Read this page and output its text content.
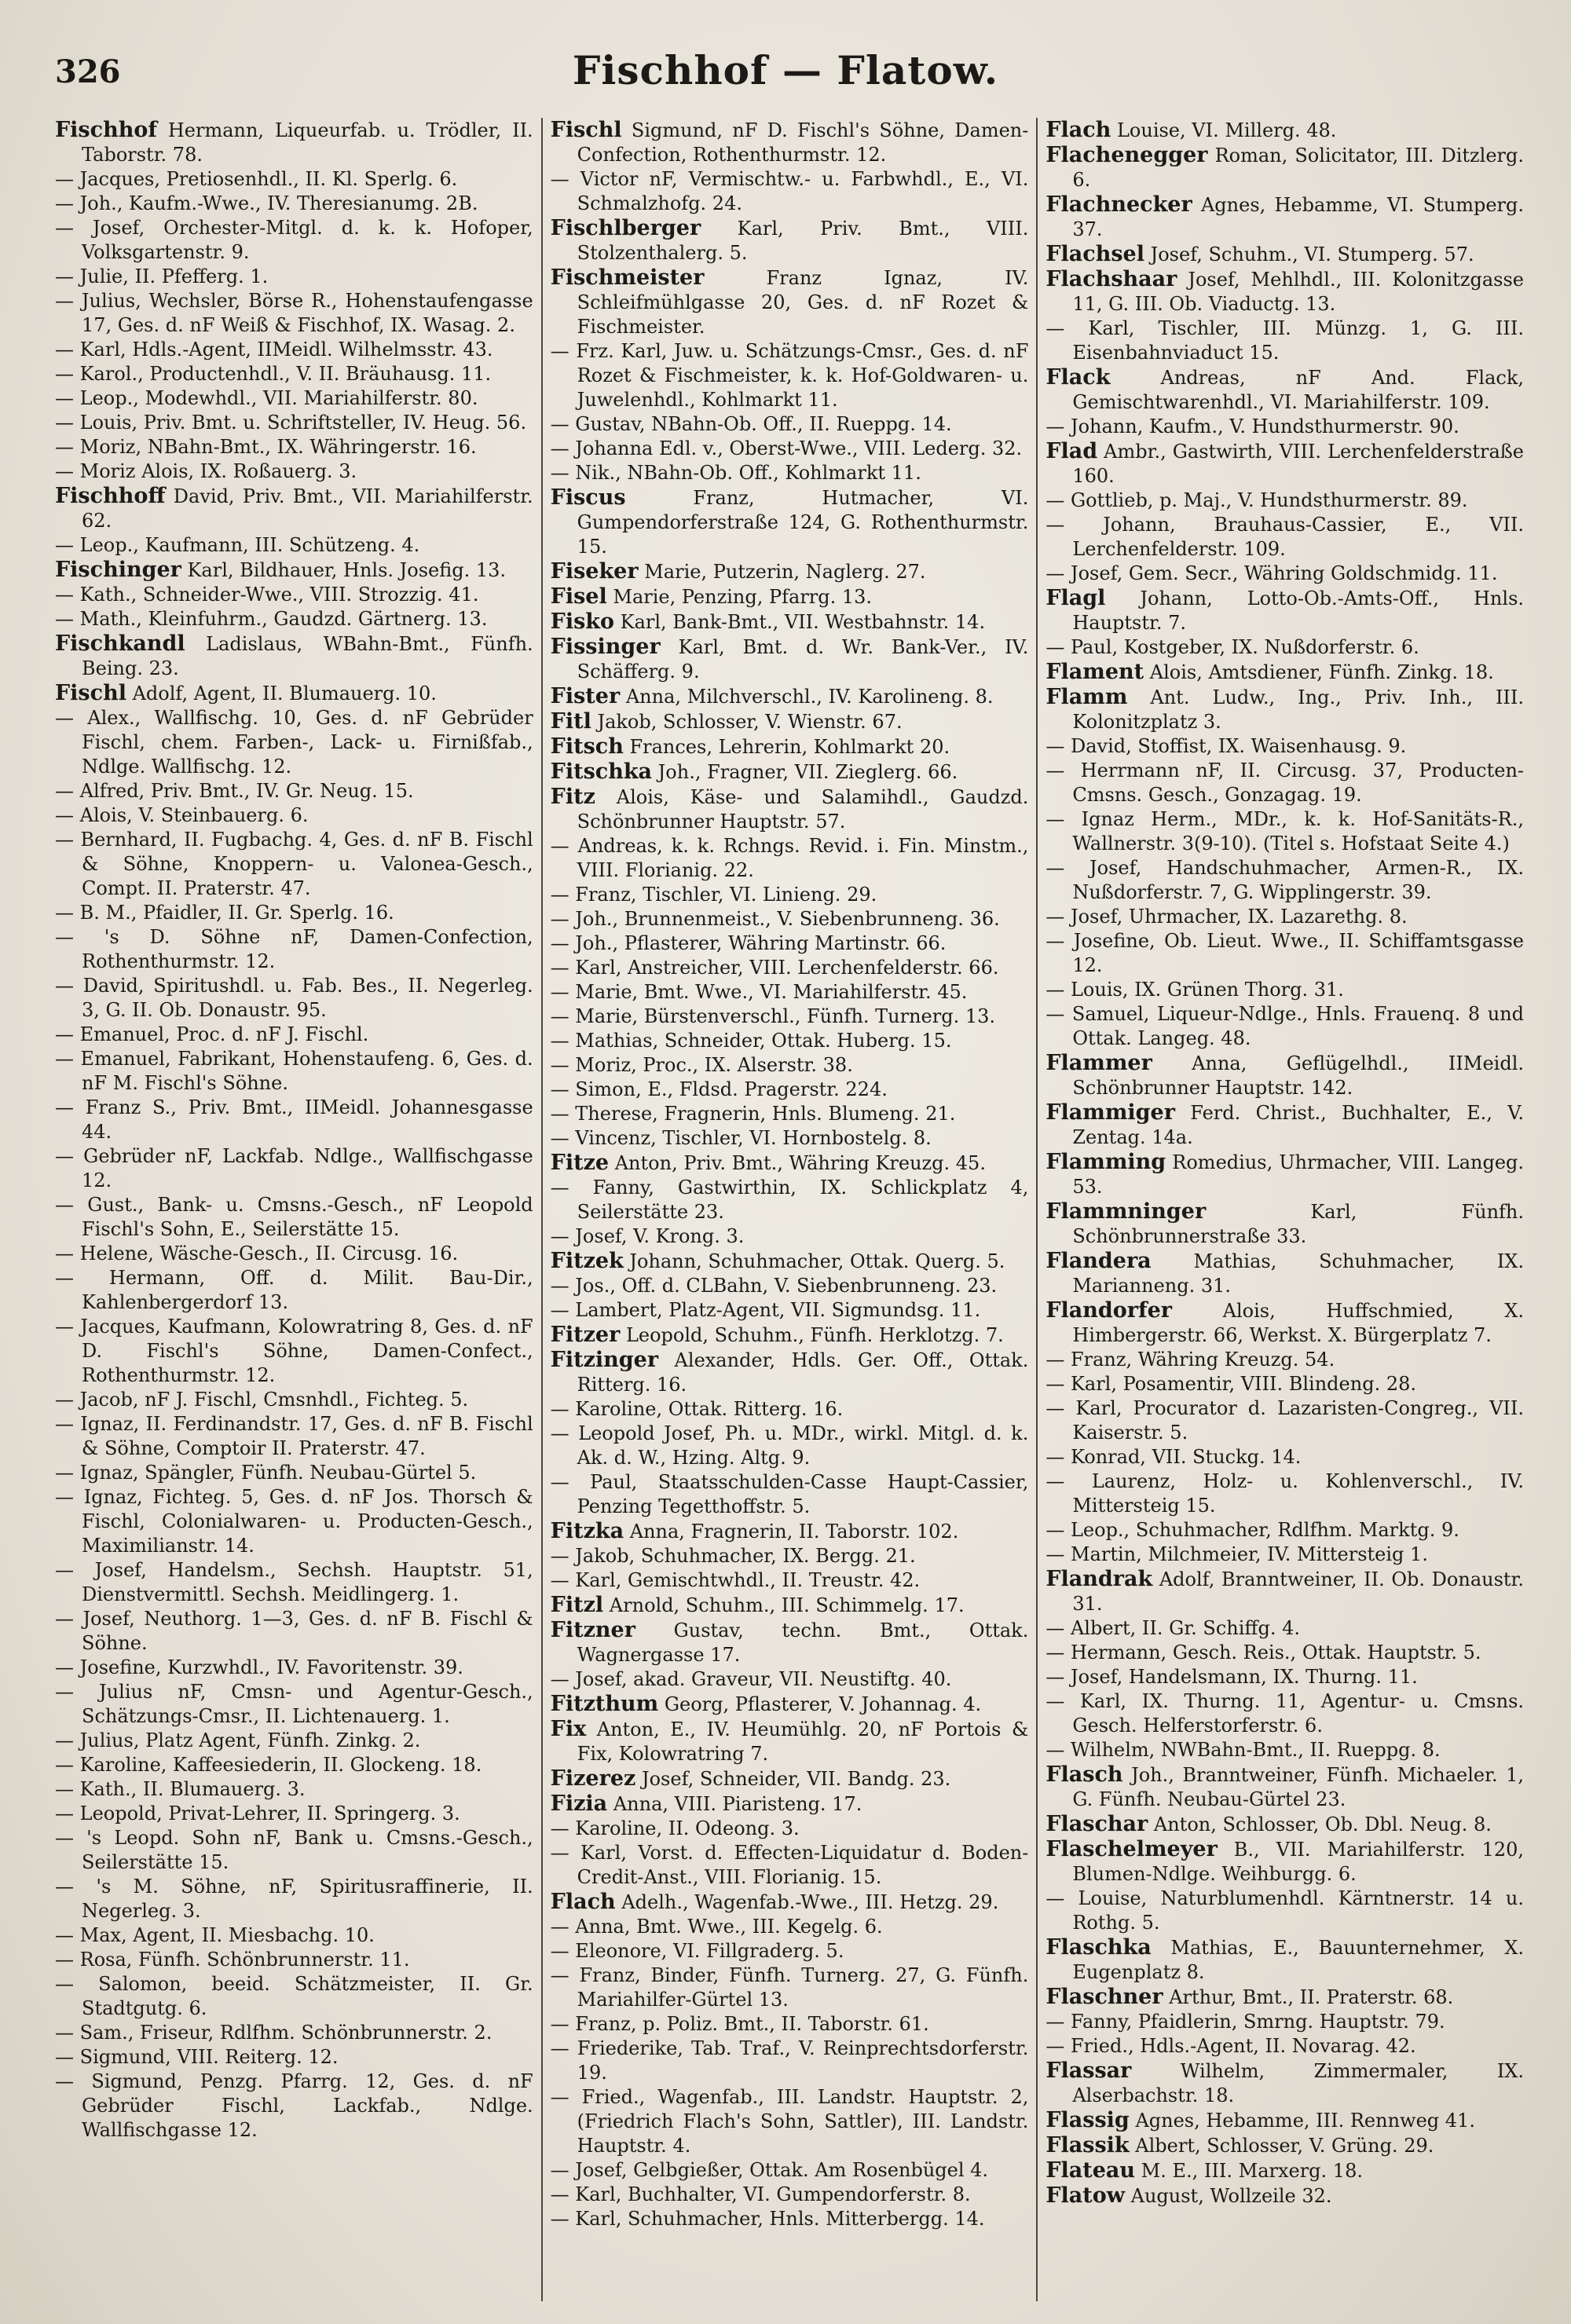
326	Fischhof — Flatow.
Fischhof Hermann, Liqueurfab. u. Trödler, II. Taborstr. 78.
— Jacques, Pretiosenhdl., II. Kl. Sperlg. 6.
— Joh., Kaufm.-Wwe., IV. Theresianumg. 2B.
— Josef, Orchester-Mitgl. d. k. k. Hofoper, Volksgartenstr. 9.
— Julie, II. Pfefferg. 1.
— Julius, Wechsler, Börse R., Hohenstaufengasse 17, Ges. d. nF Weiß & Fischhof, IX. Wasag. 2.
— Karl, Hdls.-Agent, IIMeidl. Wilhelmsstr. 43.
— Karol., Productenhdl., V. II. Bräuhausg. 11.
— Leop., Modewhdl., VII. Mariahilferstr. 80.
— Louis, Priv. Bmt. u. Schriftsteller, IV. Heug. 56.
— Moriz, NBahn-Bmt., IX. Währingerstr. 16.
— Moriz Alois, IX. Roßauerg. 3.
Fischhoff David, Priv. Bmt., VII. Mariahilferstr. 62.
— Leop., Kaufmann, III. Schützeng. 4.
Fischinger Karl, Bildhauer, Hnls. Josefig. 13.
— Kath., Schneider-Wwe., VIII. Strozzig. 41.
— Math., Kleinfuhrm., Gaudzd. Gärtnerg. 13.
Fischkandl Ladislaus, WBahn-Bmt., Fünfh. Being. 23.
Fischl Adolf, Agent, II. Blumauerg. 10.
— Alex., Wallfischg. 10, Ges. d. nF Gebrüder Fischl, chem. Farben-, Lack- u. Firnißfab., Ndlge. Wallfischg. 12.
— Alfred, Priv. Bmt., IV. Gr. Neug. 15.
— Alois, V. Steinbauerg. 6.
— Bernhard, II. Fugbachg. 4, Ges. d. nF B. Fischl & Söhne, Knoppern- u. Valonea-Gesch., Compt. II. Praterstr. 47.
— B. M., Pfaidler, II. Gr. Sperlg. 16.
— 's D. Söhne nF, Damen-Confection, Rothenthurmstr. 12.
— David, Spiritushdl. u. Fab. Bes., II. Negerleg. 3, G. II. Ob. Donaustr. 95.
— Emanuel, Proc. d. nF J. Fischl.
— Emanuel, Fabrikant, Hohenstaufeng. 6, Ges. d. nF M. Fischl's Söhne.
— Franz S., Priv. Bmt., IIMeidl. Johannesgasse 44.
— Gebrüder nF, Lackfab. Ndlge., Wallfischgasse 12.
— Gust., Bank- u. Cmsns.-Gesch., nF Leopold Fischl's Sohn, E., Seilerstätte 15.
— Helene, Wäsche-Gesch., II. Circusg. 16.
— Hermann, Off. d. Milit. Bau-Dir., Kahlenbergerdorf 13.
— Jacques, Kaufmann, Kolowratring 8, Ges. d. nF D. Fischl's Söhne, Damen-Confect., Rothenthurmstr. 12.
— Jacob, nF J. Fischl, Cmsnhdl., Fichteg. 5.
— Ignaz, II. Ferdinandstr. 17, Ges. d. nF B. Fischl & Söhne, Comptoir II. Praterstr. 47.
— Ignaz, Spängler, Fünfh. Neubau-Gürtel 5.
— Ignaz, Fichteg. 5, Ges. d. nF Jos. Thorsch & Fischl, Colonialwaren- u. Producten-Gesch., Maximilianstr. 14.
— Josef, Handelsm., Sechsh. Hauptstr. 51, Dienstvermittl. Sechsh. Meidlingerg. 1.
— Josef, Neuthorg. 1—3, Ges. d. nF B. Fischl & Söhne.
— Josefine, Kurzwhdl., IV. Favoritenstr. 39.
— Julius nF, Cmsn- und Agentur-Gesch., Schätzungs-Cmsr., II. Lichtenauerg. 1.
— Julius, Platz Agent, Fünfh. Zinkg. 2.
— Karoline, Kaffeesiederin, II. Glockeng. 18.
— Kath., II. Blumauerg. 3.
— Leopold, Privat-Lehrer, II. Springerg. 3.
— 's Leopd. Sohn nF, Bank u. Cmsns.-Gesch., Seilerstätte 15.
— 's M. Söhne, nF, Spiritusraffinerie, II. Negerleg. 3.
— Max, Agent, II. Miesbachg. 10.
— Rosa, Fünfh. Schönbrunnerstr. 11.
— Salomon, beeid. Schätzmeister, II. Gr. Stadtgutg. 6.
— Sam., Friseur, Rdlfhm. Schönbrunnerstr. 2.
— Sigmund, VIII. Reiterg. 12.
— Sigmund, Penzg. Pfarrg. 12, Ges. d. nF Gebrüder Fischl, Lackfab., Ndlge. Wallfischgasse 12.
Fischl Sigmund, nF D. Fischl's Söhne, Damen-Confection, Rothenthurmstr. 12.
— Victor nF, Vermischtw.- u. Farbwhdl., E., VI. Schmalzhofg. 24.
Fischlberger Karl, Priv. Bmt., VIII. Stolzenthalerg. 5.
Fischmeister Franz Ignaz, IV. Schleifmühlgasse 20, Ges. d. nF Rozet & Fischmeister.
— Frz. Karl, Juw. u. Schätzungs-Cmsr., Ges. d. nF Rozet & Fischmeister, k. k. Hof-Goldwaren- u. Juwelenhdl., Kohlmarkt 11.
— Gustav, NBahn-Ob. Off., II. Rueppg. 14.
— Johanna Edl. v., Oberst-Wwe., VIII. Lederg. 32.
— Nik., NBahn-Ob. Off., Kohlmarkt 11.
Fiscus Franz, Hutmacher, VI. Gumpendorferstraße 124, G. Rothenthurmstr. 15.
Fiseker Marie, Putzerin, Naglerg. 27.
Fisel Marie, Penzing, Pfarrg. 13.
Fisko Karl, Bank-Bmt., VII. Westbahnstr. 14.
Fissinger Karl, Bmt. d. Wr. Bank-Ver., IV. Schäfferg. 9.
Fister Anna, Milchverschl., IV. Karolineng. 8.
Fitl Jakob, Schlosser, V. Wienstr. 67.
Fitsch Frances, Lehrerin, Kohlmarkt 20.
Fitschka Joh., Fragner, VII. Zieglerg. 66.
Fitz Alois, Käse- und Salamihdl., Gaudzd. Schönbrunner Hauptstr. 57.
— Andreas, k. k. Rchngs. Revid. i. Fin. Minstm., VIII. Florianig. 22.
— Franz, Tischler, VI. Linieng. 29.
— Joh., Brunnenmeist., V. Siebenbrunneng. 36.
— Joh., Pflasterer, Währing Martinstr. 66.
— Karl, Anstreicher, VIII. Lerchenfelderstr. 66.
— Marie, Bmt. Wwe., VI. Mariahilferstr. 45.
— Marie, Bürstenverschl., Fünfh. Turnerg. 13.
— Mathias, Schneider, Ottak. Huberg. 15.
— Moriz, Proc., IX. Alserstr. 38.
— Simon, E., Fldsd. Pragerstr. 224.
— Therese, Fragnerin, Hnls. Blumeng. 21.
— Vincenz, Tischler, VI. Hornbostelg. 8.
Fitze Anton, Priv. Bmt., Währing Kreuzg. 45.
— Fanny, Gastwirthin, IX. Schlickplatz 4, Seilerstätte 23.
— Josef, V. Krong. 3.
Fitzek Johann, Schuhmacher, Ottak. Querg. 5.
— Jos., Off. d. CLBahn, V. Siebenbrunneng. 23.
— Lambert, Platz-Agent, VII. Sigmundsg. 11.
Fitzer Leopold, Schuhm., Fünfh. Herklotzg. 7.
Fitzinger Alexander, Hdls. Ger. Off., Ottak. Ritterg. 16.
— Karoline, Ottak. Ritterg. 16.
— Leopold Josef, Ph. u. MDr., wirkl. Mitgl. d. k. Ak. d. W., Hzing. Altg. 9.
— Paul, Staatsschulden-Casse Haupt-Cassier, Penzing Tegetthoffstr. 5.
Fitzka Anna, Fragnerin, II. Taborstr. 102.
— Jakob, Schuhmacher, IX. Bergg. 21.
— Karl, Gemischtwhdl., II. Treustr. 42.
Fitzl Arnold, Schuhm., III. Schimmelg. 17.
Fitzner Gustav, techn. Bmt., Ottak. Wagnergasse 17.
— Josef, akad. Graveur, VII. Neustiftg. 40.
Fitzthum Georg, Pflasterer, V. Johannag. 4.
Fix Anton, E., IV. Heumühlg. 20, nF Portois & Fix, Kolowratring 7.
Fizerez Josef, Schneider, VII. Bandg. 23.
Fizia Anna, VIII. Piaristeng. 17.
— Karoline, II. Odeong. 3.
— Karl, Vorst. d. Effecten-Liquidatur d. Boden-Credit-Anst., VIII. Florianig. 15.
Flach Adelh., Wagenfab.-Wwe., III. Hetzg. 29.
— Anna, Bmt. Wwe., III. Kegelg. 6.
— Eleonore, VI. Fillgraderg. 5.
— Franz, Binder, Fünfh. Turnerg. 27, G. Fünfh. Mariahilfer-Gürtel 13.
— Franz, p. Poliz. Bmt., II. Taborstr. 61.
— Friederike, Tab. Traf., V. Reinprechtsdorferstr. 19.
— Fried., Wagenfab., III. Landstr. Hauptstr. 2, (Friedrich Flach's Sohn, Sattler), III. Landstr. Hauptstr. 4.
— Josef, Gelbgießer, Ottak. Am Rosenbügel 4.
— Karl, Buchhalter, VI. Gumpendorferstr. 8.
— Karl, Schuhmacher, Hnls. Mitterbergg. 14.
Flach Louise, VI. Millerg. 48.
Flachenegger Roman, Solicitator, III. Ditzlerg. 6.
Flachnecker Agnes, Hebamme, VI. Stumperg. 37.
Flachsel Josef, Schuhm., VI. Stumperg. 57.
Flachshaar Josef, Mehlhdl., III. Kolonitzgasse 11, G. III. Ob. Viaductg. 13.
— Karl, Tischler, III. Münzg. 1, G. III. Eisenbahnviaduct 15.
Flack Andreas, nF And. Flack, Gemischtwarenhdl., VI. Mariahilferstr. 109.
— Johann, Kaufm., V. Hundsthurmerstr. 90.
Flad Ambr., Gastwirth, VIII. Lerchenfelderstraße 160.
— Gottlieb, p. Maj., V. Hundsthurmerstr. 89.
— Johann, Brauhaus-Cassier, E., VII. Lerchenfelderstr. 109.
— Josef, Gem. Secr., Währing Goldschmidg. 11.
Flagl Johann, Lotto-Ob.-Amts-Off., Hnls. Hauptstr. 7.
— Paul, Kostgeber, IX. Nußdorferstr. 6.
Flament Alois, Amtsdiener, Fünfh. Zinkg. 18.
Flamm Ant. Ludw., Ing., Priv. Inh., III. Kolonitzplatz 3.
— David, Stoffist, IX. Waisenhausg. 9.
— Herrmann nF, II. Circusg. 37, Producten-Cmsns. Gesch., Gonzagag. 19.
— Ignaz Herm., MDr., k. k. Hof-Sanitäts-R., Wallnerstr. 3(9-10). (Titel s. Hofstaat Seite 4.)
— Josef, Handschuhmacher, Armen-R., IX. Nußdorferstr. 7, G. Wipplingerstr. 39.
— Josef, Uhrmacher, IX. Lazarethg. 8.
— Josefine, Ob. Lieut. Wwe., II. Schiffamtsgasse 12.
— Louis, IX. Grünen Thorg. 31.
— Samuel, Liqueur-Ndlge., Hnls. Frauenq. 8 und Ottak. Langeg. 48.
Flammer Anna, Geflügelhdl., IIMeidl. Schönbrunner Hauptstr. 142.
Flammiger Ferd. Christ., Buchhalter, E., V. Zentag. 14a.
Flamming Romedius, Uhrmacher, VIII. Langeg. 53.
Flammninger Karl, Fünfh. Schönbrunnerstraße 33.
Flandera Mathias, Schuhmacher, IX. Marianneng. 31.
Flandorfer Alois, Huffschmied, X. Himbergerstr. 66, Werkst. X. Bürgerplatz 7.
— Franz, Währing Kreuzg. 54.
— Karl, Posamentir, VIII. Blindeng. 28.
— Karl, Procurator d. Lazaristen-Congreg., VII. Kaiserstr. 5.
— Konrad, VII. Stuckg. 14.
— Laurenz, Holz- u. Kohlenverschl., IV. Mittersteig 15.
— Leop., Schuhmacher, Rdlfhm. Marktg. 9.
— Martin, Milchmeier, IV. Mittersteig 1.
Flandrak Adolf, Branntweiner, II. Ob. Donaustr. 31.
— Albert, II. Gr. Schiffg. 4.
— Hermann, Gesch. Reis., Ottak. Hauptstr. 5.
— Josef, Handelsmann, IX. Thurng. 11.
— Karl, IX. Thurng. 11, Agentur- u. Cmsns. Gesch. Helferstorferstr. 6.
— Wilhelm, NWBahn-Bmt., II. Rueppg. 8.
Flasch Joh., Branntweiner, Fünfh. Michaeler. 1, G. Fünfh. Neubau-Gürtel 23.
Flaschar Anton, Schlosser, Ob. Dbl. Neug. 8.
Flaschelmeyer B., VII. Mariahilferstr. 120, Blumen-Ndlge. Weihburgg. 6.
— Louise, Naturblumenhdl. Kärntnerstr. 14 u. Rothg. 5.
Flaschka Mathias, E., Bauunternehmer, X. Eugenplatz 8.
Flaschner Arthur, Bmt., II. Praterstr. 68.
— Fanny, Pfaidlerin, Smrng. Hauptstr. 79.
— Fried., Hdls.-Agent, II. Novarag. 42.
Flassar Wilhelm, Zimmermaler, IX. Alserbachstr. 18.
Flassig Agnes, Hebamme, III. Rennweg 41.
Flassik Albert, Schlosser, V. Grüng. 29.
Flateau M. E., III. Marxerg. 18.
Flatow August, Wollzeile 32.
